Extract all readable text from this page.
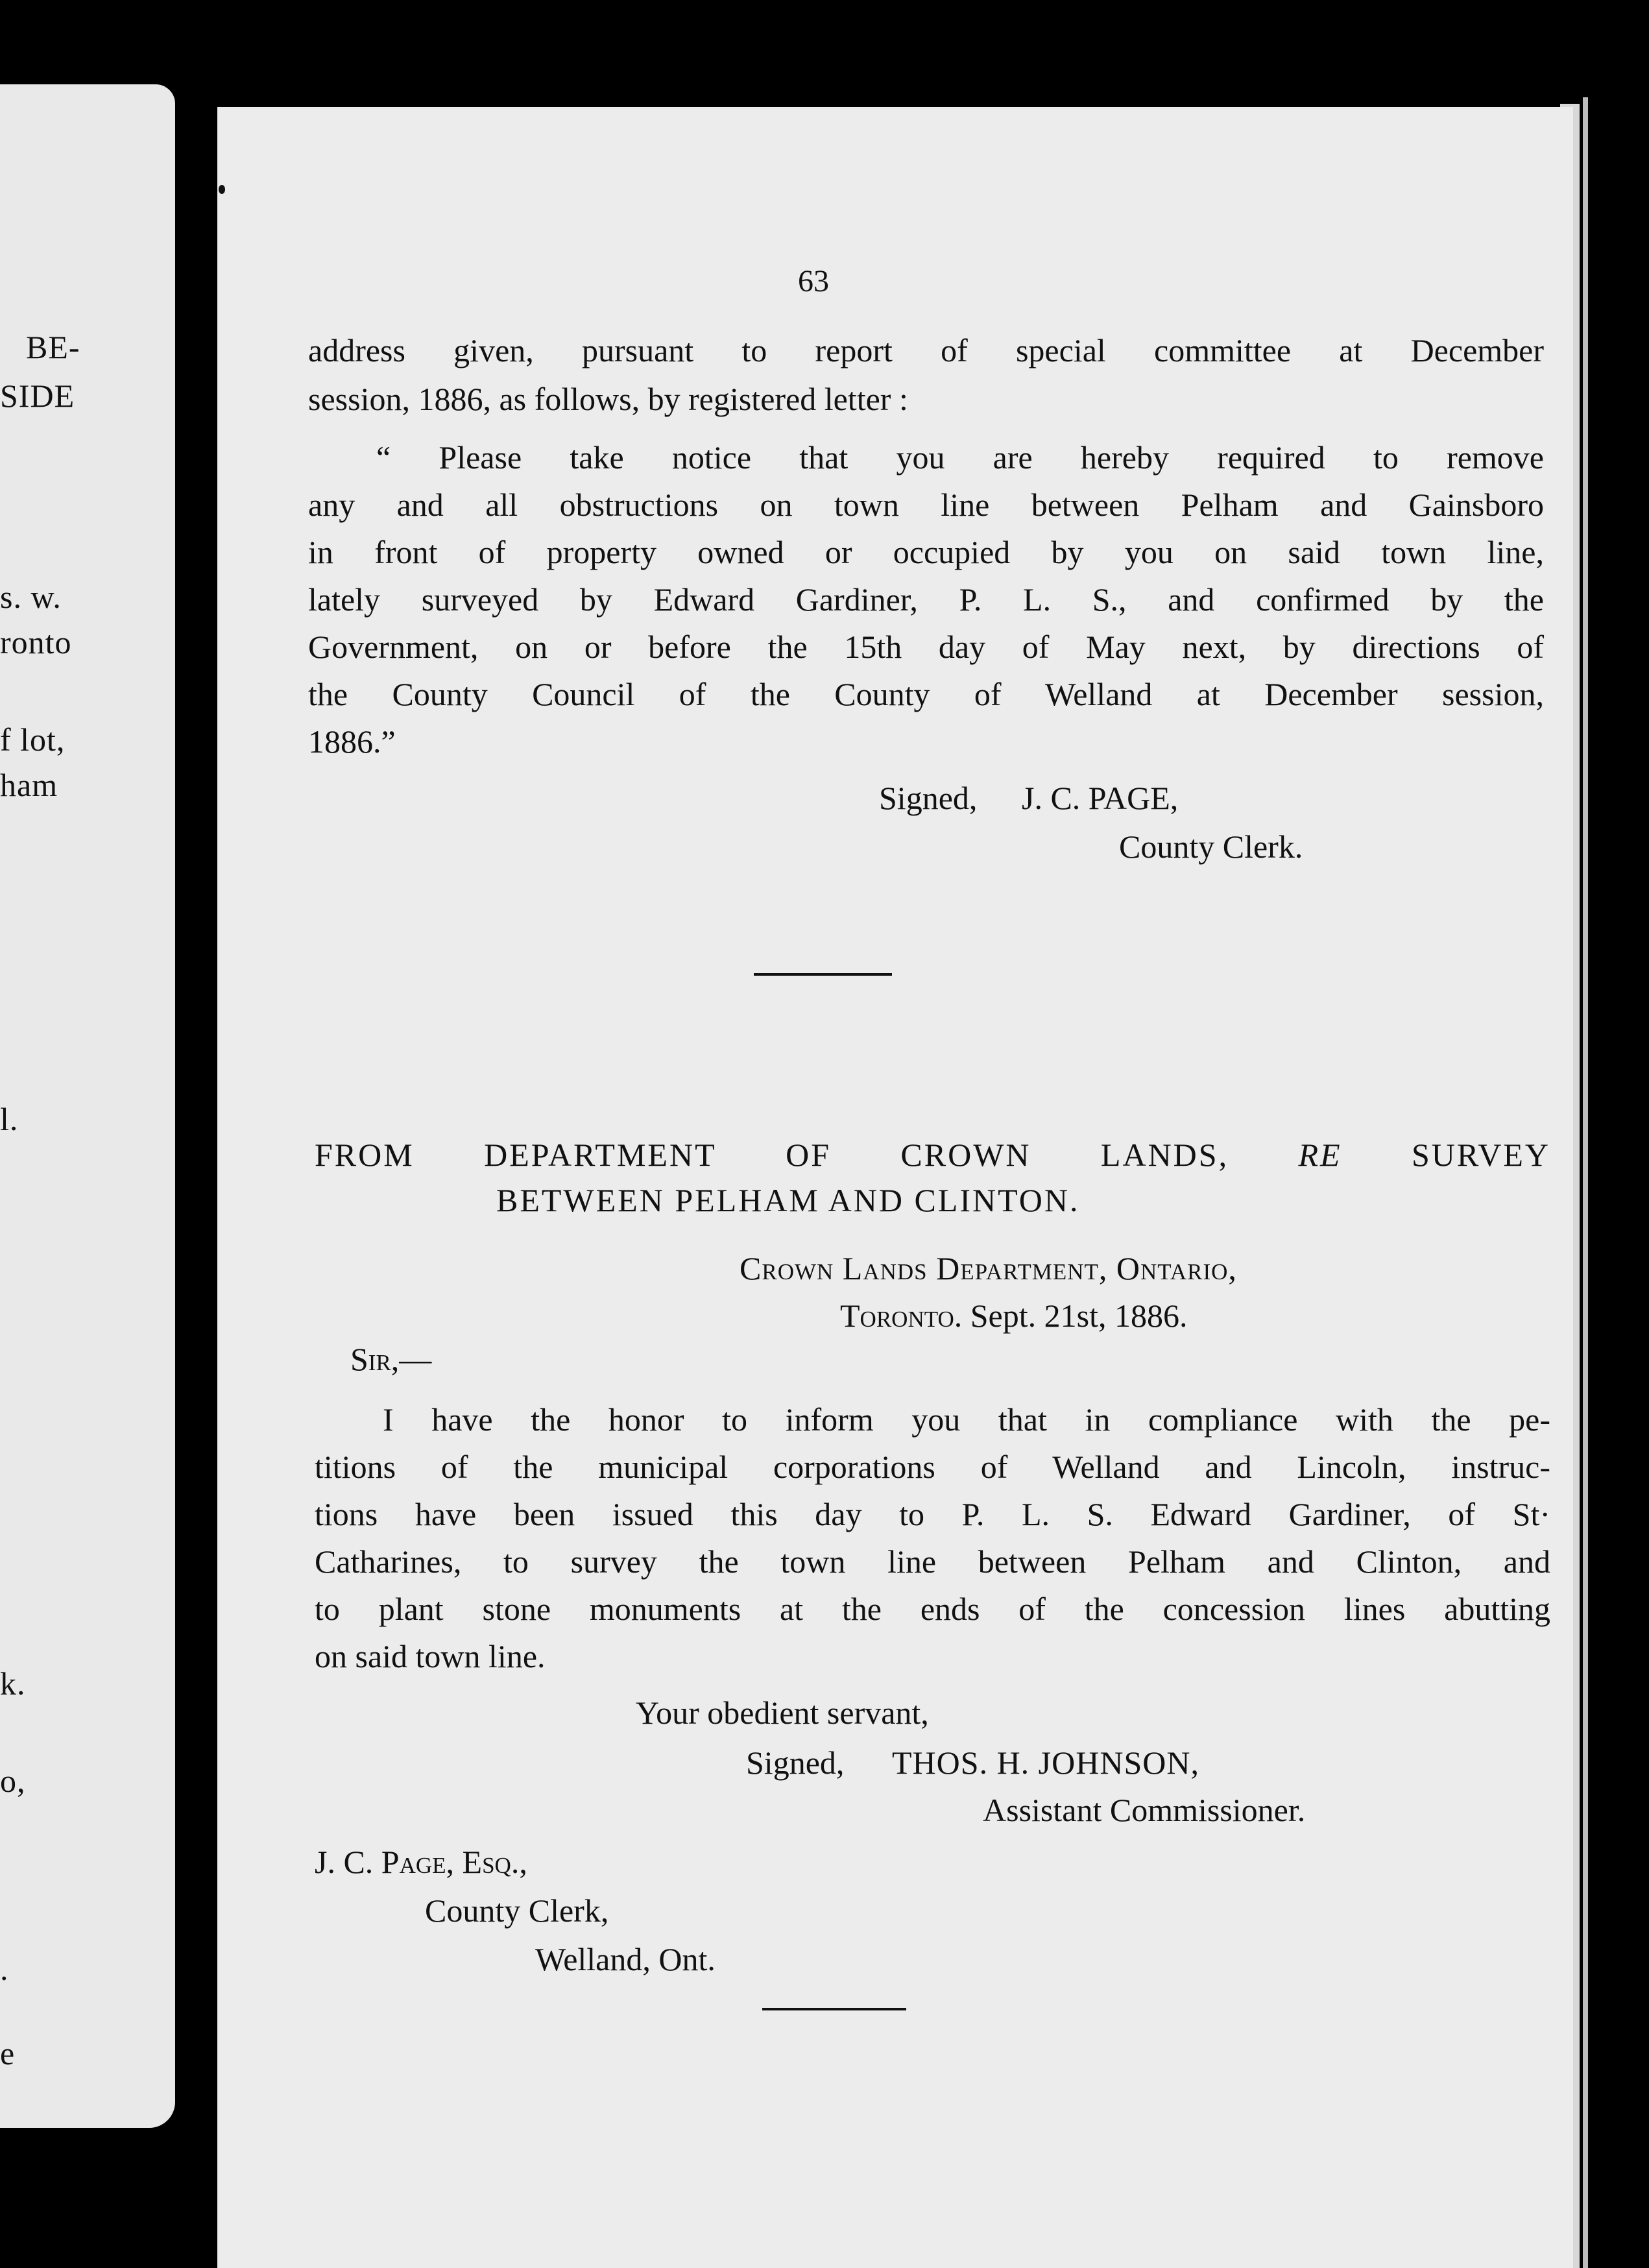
BE-
SIDE
s. w.
ronto
f lot,
ham
l.
k.
o,
.
e
63
address given, pursuant to report of special committee at December
session, 1886, as follows, by registered letter :
“ Please take notice that you are hereby required to remove
any and all obstructions on town line between Pelham and Gainsboro
in front of property owned or occupied by you on said town line,
lately surveyed by Edward Gardiner, P. L. S., and confirmed by the
Government, on or before the 15th day of May next, by directions of
the County Council of the County of Welland at December session,
1886.”
Signed, J. C. PAGE,
County Clerk.
FROM DEPARTMENT OF CROWN LANDS, RE SURVEY
BETWEEN PELHAM AND CLINTON.
Crown Lands Department, Ontario,
Toronto. Sept. 21st, 1886.
Sir,—
I have the honor to inform you that in compliance with the pe-
titions of the municipal corporations of Welland and Lincoln, instruc-
tions have been issued this day to P. L. S. Edward Gardiner, of St·
Catharines, to survey the town line between Pelham and Clinton, and
to plant stone monuments at the ends of the concession lines abutting
on said town line.
Your obedient servant,
Signed, THOS. H. JOHNSON,
Assistant Commissioner.
J. C. Page, Esq.,
County Clerk,
Welland, Ont.
